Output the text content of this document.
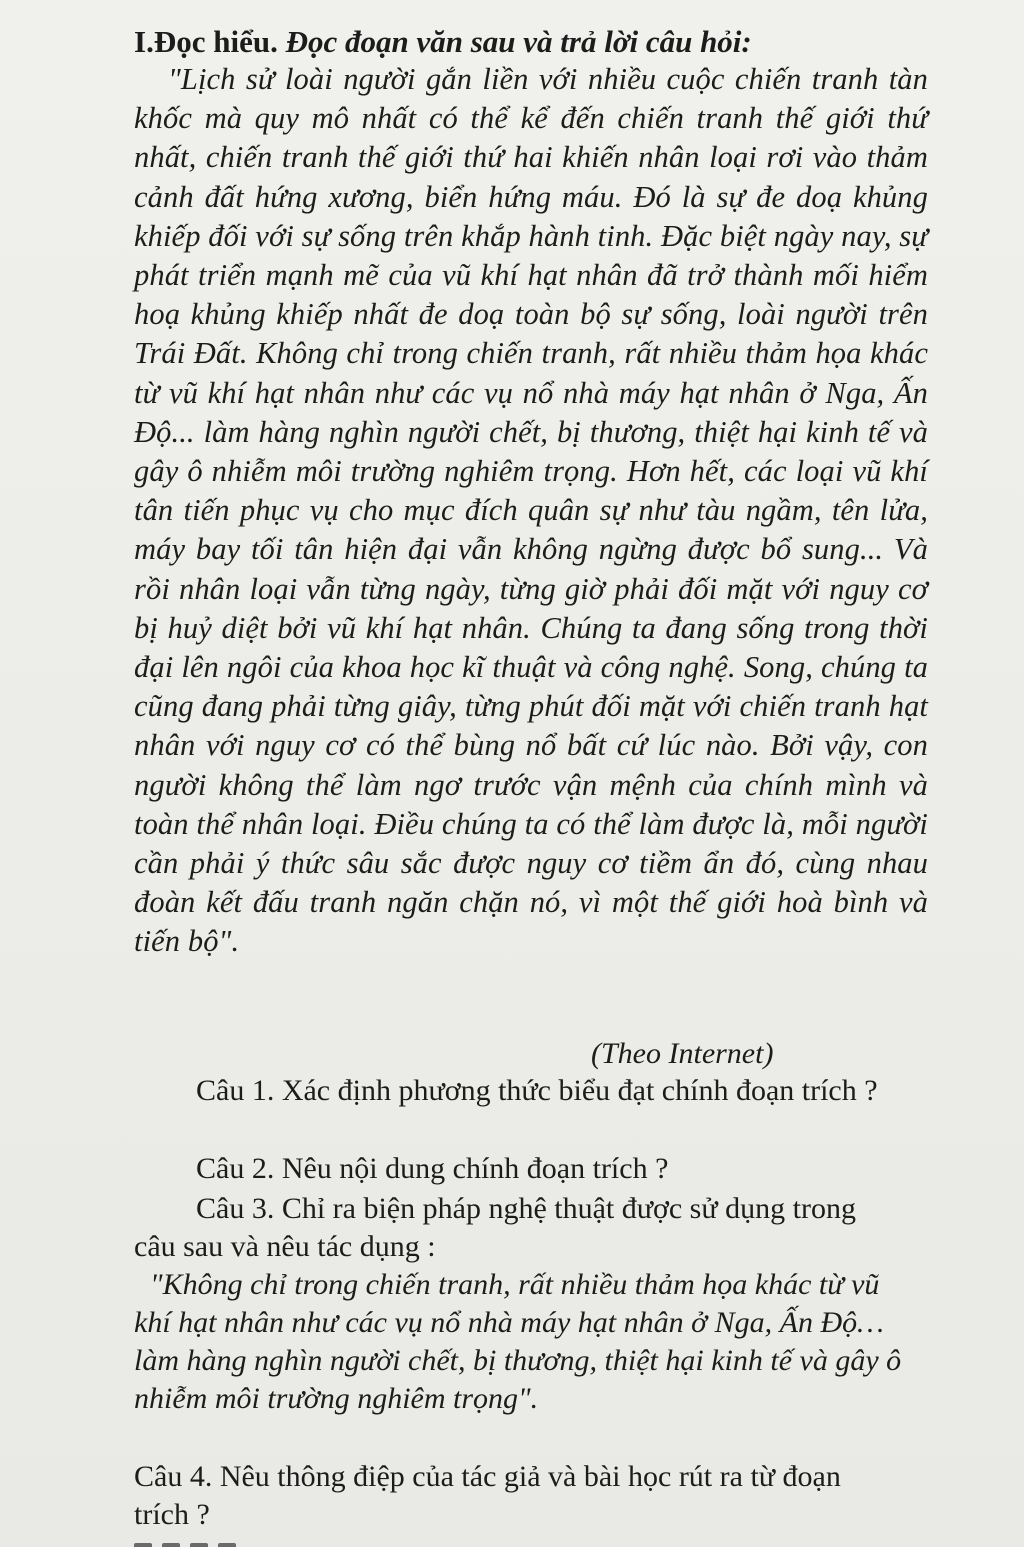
I.Đọc hiểu. Đọc đoạn văn sau và trả lời câu hỏi:
"Lịch sử loài người gắn liền với nhiều cuộc chiến tranh tàn khốc mà quy mô nhất có thể kể đến chiến tranh thế giới thứ nhất, chiến tranh thế giới thứ hai khiến nhân loại rơi vào thảm cảnh đất hứng xương, biển hứng máu. Đó là sự đe doạ khủng khiếp đối với sự sống trên khắp hành tinh. Đặc biệt ngày nay, sự phát triển mạnh mẽ của vũ khí hạt nhân đã trở thành mối hiểm hoạ khủng khiếp nhất đe doạ toàn bộ sự sống, loài người trên Trái Đất. Không chỉ trong chiến tranh, rất nhiều thảm họa khác từ vũ khí hạt nhân như các vụ nổ nhà máy hạt nhân ở Nga, Ấn Độ... làm hàng nghìn người chết, bị thương, thiệt hại kinh tế và gây ô nhiễm môi trường nghiêm trọng. Hơn hết, các loại vũ khí tân tiến phục vụ cho mục đích quân sự như tàu ngầm, tên lửa, máy bay tối tân hiện đại vẫn không ngừng được bổ sung... Và rồi nhân loại vẫn từng ngày, từng giờ phải đối mặt với nguy cơ bị huỷ diệt bởi vũ khí hạt nhân. Chúng ta đang sống trong thời đại lên ngôi của khoa học kĩ thuật và công nghệ. Song, chúng ta cũng đang phải từng giây, từng phút đối mặt với chiến tranh hạt nhân với nguy cơ có thể bùng nổ bất cứ lúc nào. Bởi vậy, con người không thể làm ngơ trước vận mệnh của chính mình và toàn thể nhân loại. Điều chúng ta có thể làm được là, mỗi người cần phải ý thức sâu sắc được nguy cơ tiềm ẩn đó, cùng nhau đoàn kết đấu tranh ngăn chặn nó, vì một thế giới hoà bình và tiến bộ".
(Theo Internet)
Câu 1. Xác định phương thức biểu đạt chính đoạn trích ?
Câu 2. Nêu nội dung chính đoạn trích ?
Câu 3. Chỉ ra biện pháp nghệ thuật được sử dụng trong câu sau và nêu tác dụng :
"Không chỉ trong chiến tranh, rất nhiều thảm họa khác từ vũ khí hạt nhân như các vụ nổ nhà máy hạt nhân ở Nga, Ấn Độ… làm hàng nghìn người chết, bị thương, thiệt hại kinh tế và gây ô nhiễm môi trường nghiêm trọng".
Câu 4. Nêu thông điệp của tác giả và bài học rút ra từ đoạn trích ?
